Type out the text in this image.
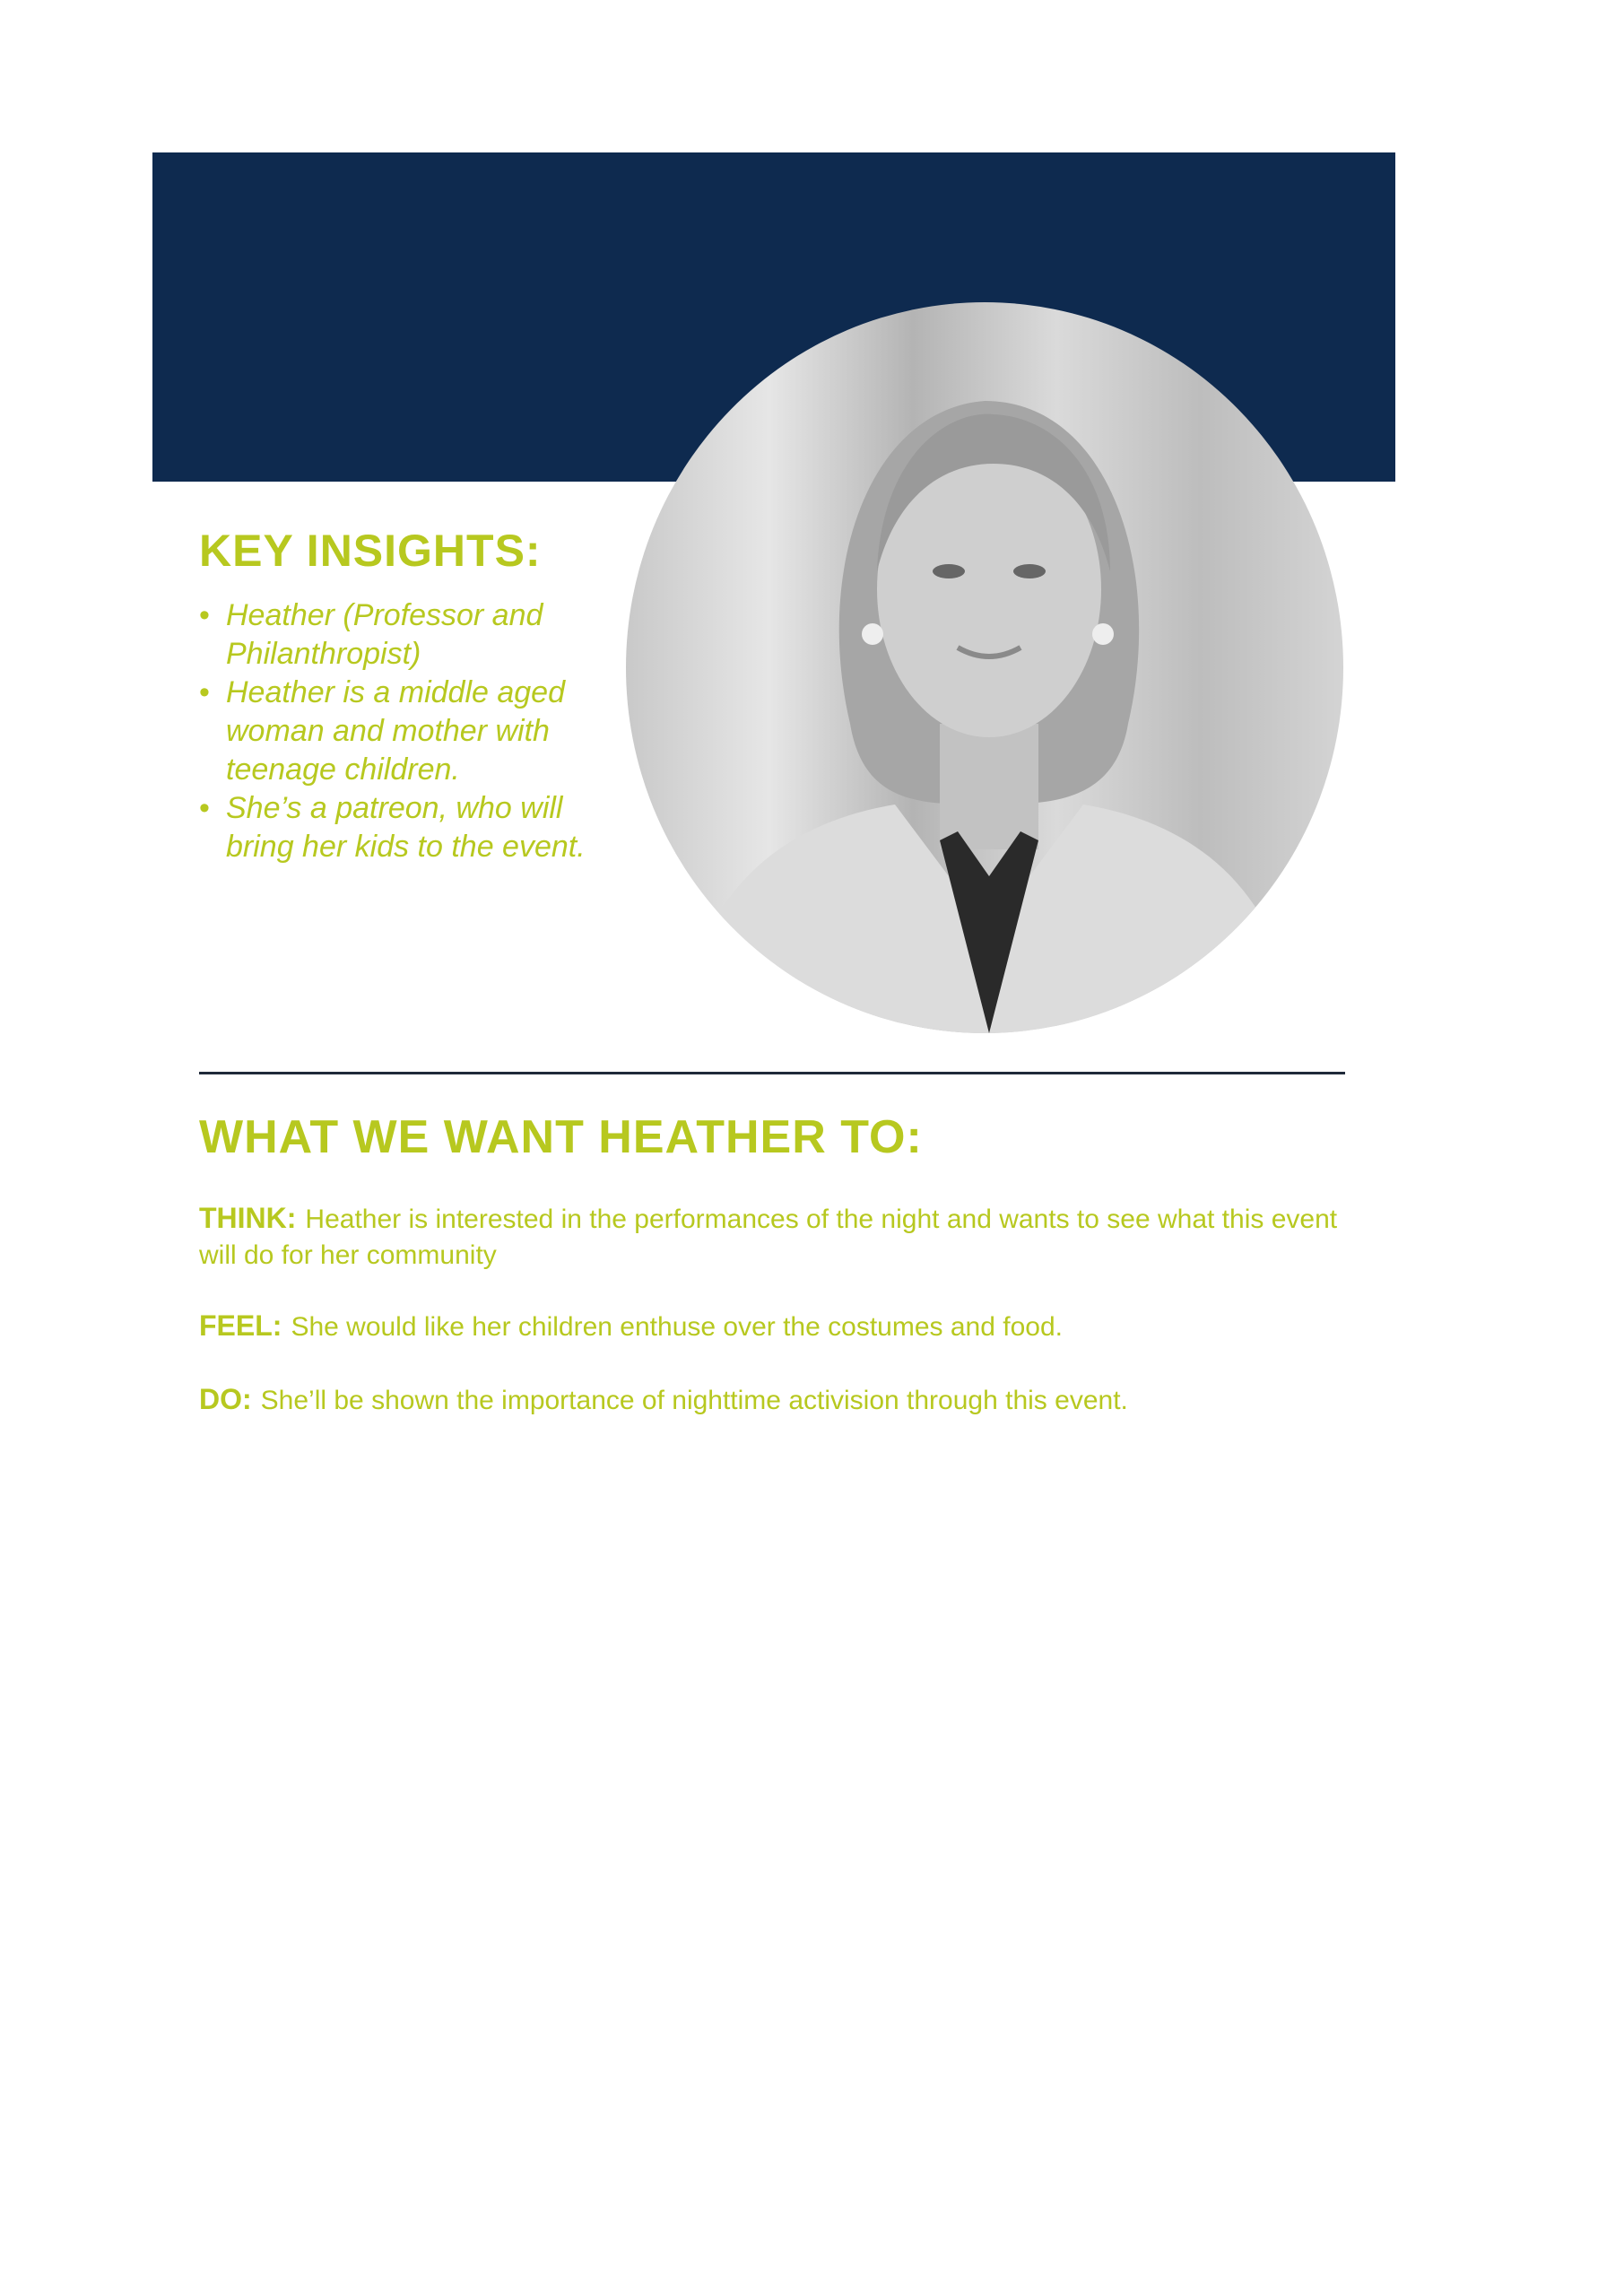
KEY INSIGHTS:
• Heather (Professor and Philanthropist)
• Heather is a middle aged woman and mother with teenage children.
• She’s a patreon, who will bring her kids to the event.
WHAT WE WANT HEATHER TO:
THINK: Heather is interested in the performances of the night and wants to see what this event will do for her community
FEEL: She would like her children enthuse over the costumes and food.
DO: She’ll be shown the importance of nighttime activision through this event.
